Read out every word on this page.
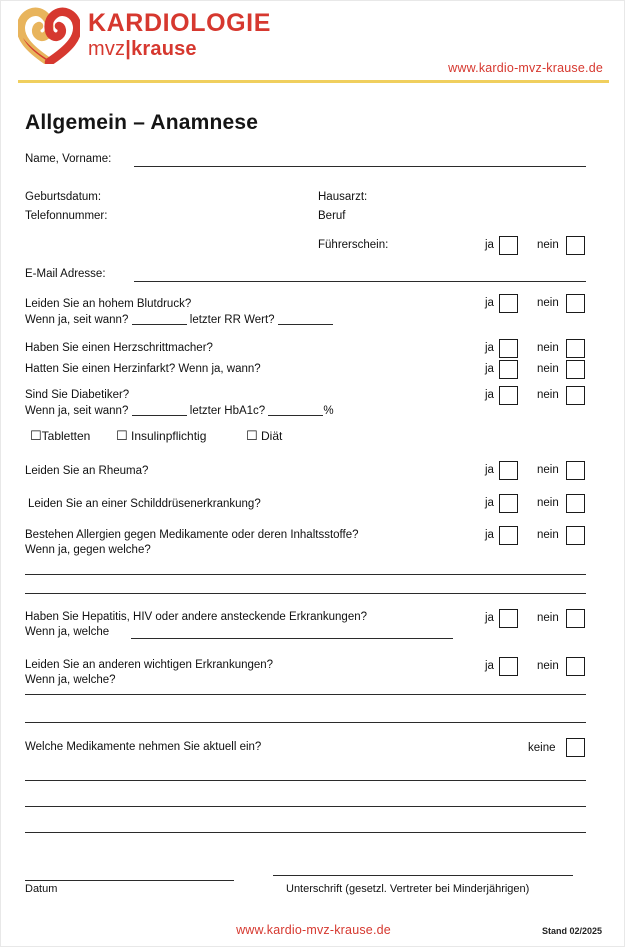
KARDIOLOGIE
mvz|krause
www.kardio-mvz-krause.de
Allgemein – Anamnese
Name, Vorname:
Geburtsdatum:	Hausarzt:
Telefonnummer:	Beruf
Führerschein:	ja	nein
E-Mail Adresse:
Leiden Sie an hohem Blutdruck?	ja	nein
Wenn ja, seit wann?	letzter RR Wert?
Haben Sie einen Herzschrittmacher?	ja	nein
Hatten Sie einen Herzinfarkt? Wenn ja, wann?	ja	nein
Sind Sie Diabetiker?	ja	nein
Wenn ja, seit wann?	letzter HbA1c?	%
☐Tabletten ☐ Insulinpflichtig	☐ Diät
Leiden Sie an Rheuma?	ja	nein
Leiden Sie an einer Schilddrüsenerkrankung?	ja	nein
Bestehen Allergien gegen Medikamente oder deren Inhaltsstoffe?	ja	nein
Wenn ja, gegen welche?
Haben Sie Hepatitis, HIV oder andere ansteckende Erkrankungen?	ja	nein
Wenn ja, welche
Leiden Sie an anderen wichtigen Erkrankungen?	ja	nein
Wenn ja, welche?
Welche Medikamente nehmen Sie aktuell ein?	keine
Datum	Unterschrift (gesetzl. Vertreter bei Minderjährigen)
www.kardio-mvz-krause.de	Stand 02/2025
